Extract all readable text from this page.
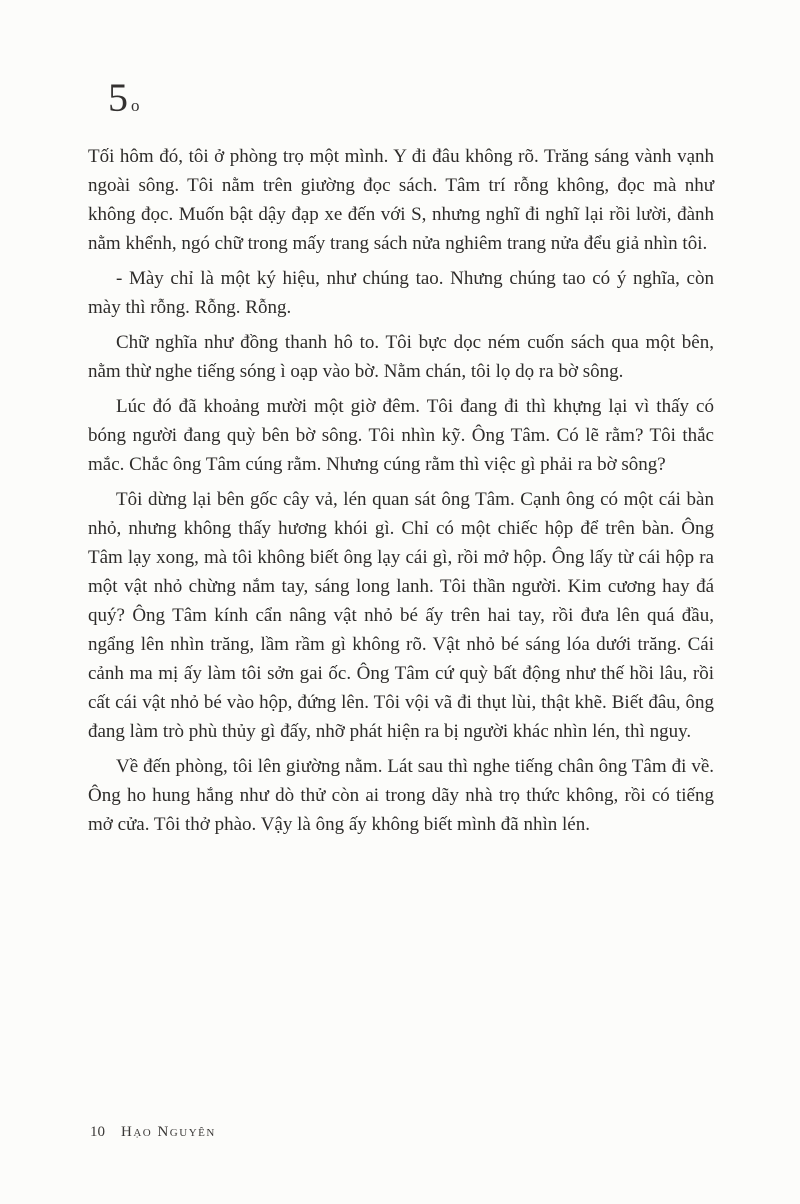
5 o

Tối hôm đó, tôi ở phòng trọ một mình. Y đi đâu không rõ. Trăng sáng vành vạnh ngoài sông. Tôi nằm trên giường đọc sách. Tâm trí rỗng không, đọc mà như không đọc. Muốn bật dậy đạp xe đến với S, nhưng nghĩ đi nghĩ lại rồi lười, đành nằm khểnh, ngó chữ trong mấy trang sách nửa nghiêm trang nửa đểu giả nhìn tôi.

- Mày chỉ là một ký hiệu, như chúng tao. Nhưng chúng tao có ý nghĩa, còn mày thì rỗng. Rỗng. Rỗng.

Chữ nghĩa như đồng thanh hô to. Tôi bực dọc ném cuốn sách qua một bên, nằm thừ nghe tiếng sóng ì oạp vào bờ. Nằm chán, tôi lọ dọ ra bờ sông.

Lúc đó đã khoảng mười một giờ đêm. Tôi đang đi thì khựng lại vì thấy có bóng người đang quỳ bên bờ sông. Tôi nhìn kỹ. Ông Tâm. Có lẽ rằm? Tôi thắc mắc. Chắc ông Tâm cúng rằm. Nhưng cúng rằm thì việc gì phải ra bờ sông?

Tôi dừng lại bên gốc cây vả, lén quan sát ông Tâm. Cạnh ông có một cái bàn nhỏ, nhưng không thấy hương khói gì. Chỉ có một chiếc hộp để trên bàn. Ông Tâm lạy xong, mà tôi không biết ông lạy cái gì, rồi mở hộp. Ông lấy từ cái hộp ra một vật nhỏ chừng nắm tay, sáng long lanh. Tôi thần người. Kim cương hay đá quý? Ông Tâm kính cẩn nâng vật nhỏ bé ấy trên hai tay, rồi đưa lên quá đầu, ngẩng lên nhìn trăng, lầm rầm gì không rõ. Vật nhỏ bé sáng lóa dưới trăng. Cái cảnh ma mị ấy làm tôi sởn gai ốc. Ông Tâm cứ quỳ bất động như thế hồi lâu, rồi cất cái vật nhỏ bé vào hộp, đứng lên. Tôi vội vã đi thụt lùi, thật khẽ. Biết đâu, ông đang làm trò phù thủy gì đấy, nhỡ phát hiện ra bị người khác nhìn lén, thì nguy.

Về đến phòng, tôi lên giường nằm. Lát sau thì nghe tiếng chân ông Tâm đi về. Ông ho hung hắng như dò thử còn ai trong dãy nhà trọ thức không, rồi có tiếng mở cửa. Tôi thở phào. Vậy là ông ấy không biết mình đã nhìn lén.

10 Hạo Nguyên
